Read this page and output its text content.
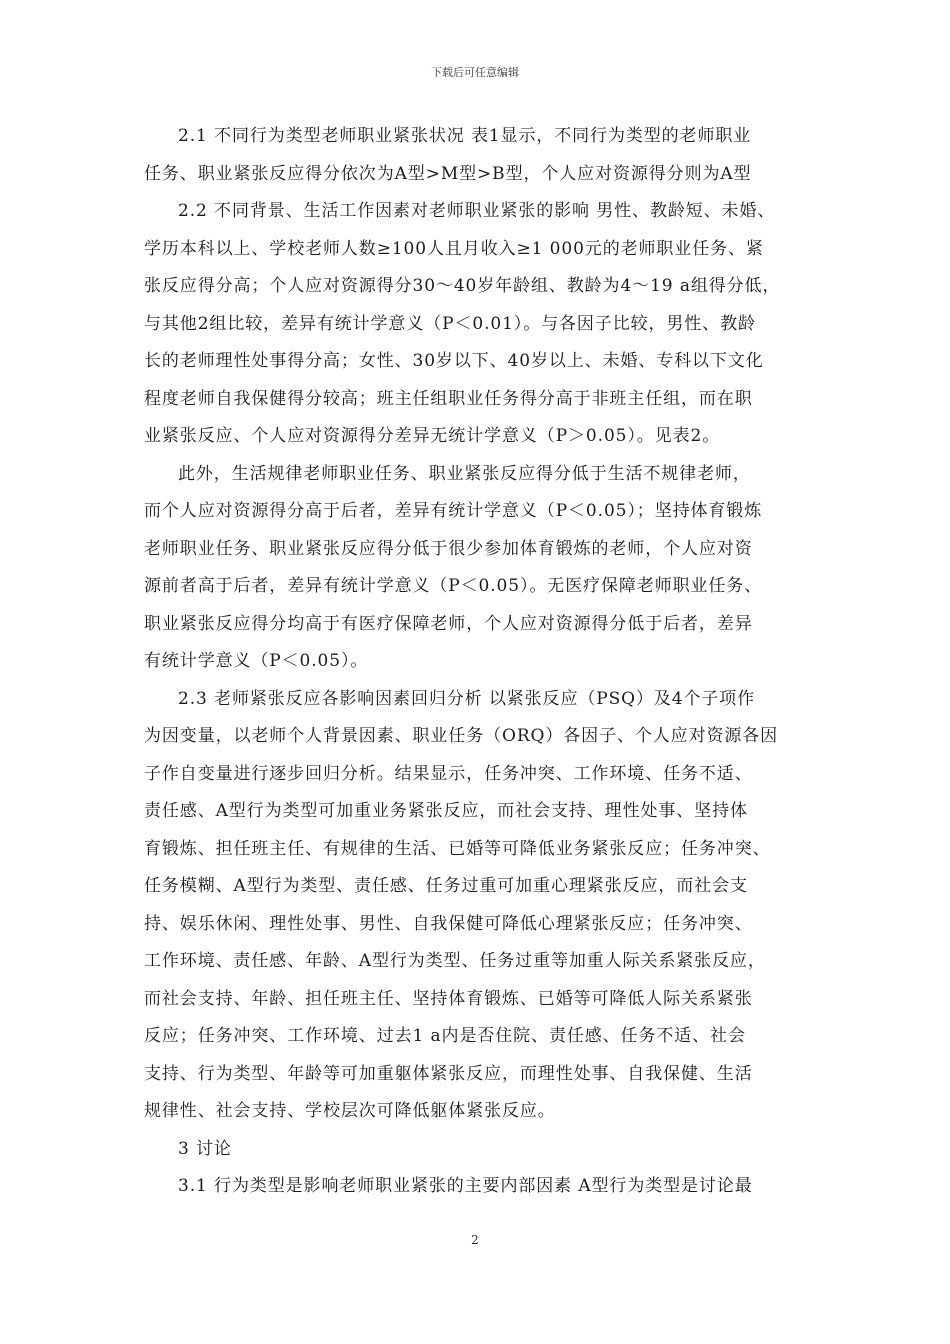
下载后可任意编辑

2.1 不同行为类型老师职业紧张状况 表1显示，不同行为类型的老师职业
任务、职业紧张反应得分依次为A型>M型>B型，个人应对资源得分则为A型

2.2 不同背景、生活工作因素对老师职业紧张的影响 男性、教龄短、未婚、
学历本科以上、学校老师人数≥100人且月收入≥1 000元的老师职业任务、紧
张反应得分高；个人应对资源得分30～40岁年龄组、教龄为4～19 a组得分低，
与其他2组比较，差异有统计学意义（P＜0.01）。与各因子比较，男性、教龄
长的老师理性处事得分高；女性、30岁以下、40岁以上、未婚、专科以下文化
程度老师自我保健得分较高；班主任组职业任务得分高于非班主任组，而在职
业紧张反应、个人应对资源得分差异无统计学意义（P＞0.05）。见表2。

此外，生活规律老师职业任务、职业紧张反应得分低于生活不规律老师，
而个人应对资源得分高于后者，差异有统计学意义（P＜0.05）；坚持体育锻炼
老师职业任务、职业紧张反应得分低于很少参加体育锻炼的老师，个人应对资
源前者高于后者，差异有统计学意义（P＜0.05）。无医疗保障老师职业任务、
职业紧张反应得分均高于有医疗保障老师，个人应对资源得分低于后者，差异
有统计学意义（P＜0.05）。

2.3 老师紧张反应各影响因素回归分析 以紧张反应（PSQ）及4个子项作
为因变量，以老师个人背景因素、职业任务（ORQ）各因子、个人应对资源各因
子作自变量进行逐步回归分析。结果显示，任务冲突、工作环境、任务不适、
责任感、A型行为类型可加重业务紧张反应，而社会支持、理性处事、坚持体
育锻炼、担任班主任、有规律的生活、已婚等可降低业务紧张反应；任务冲突、
任务模糊、A型行为类型、责任感、任务过重可加重心理紧张反应，而社会支
持、娱乐休闲、理性处事、男性、自我保健可降低心理紧张反应；任务冲突、
工作环境、责任感、年龄、A型行为类型、任务过重等加重人际关系紧张反应，
而社会支持、年龄、担任班主任、坚持体育锻炼、已婚等可降低人际关系紧张
反应；任务冲突、工作环境、过去1 a内是否住院、责任感、任务不适、社会
支持、行为类型、年龄等可加重躯体紧张反应，而理性处事、自我保健、生活
规律性、社会支持、学校层次可降低躯体紧张反应。

3 讨论

3.1 行为类型是影响老师职业紧张的主要内部因素 A型行为类型是讨论最

2
